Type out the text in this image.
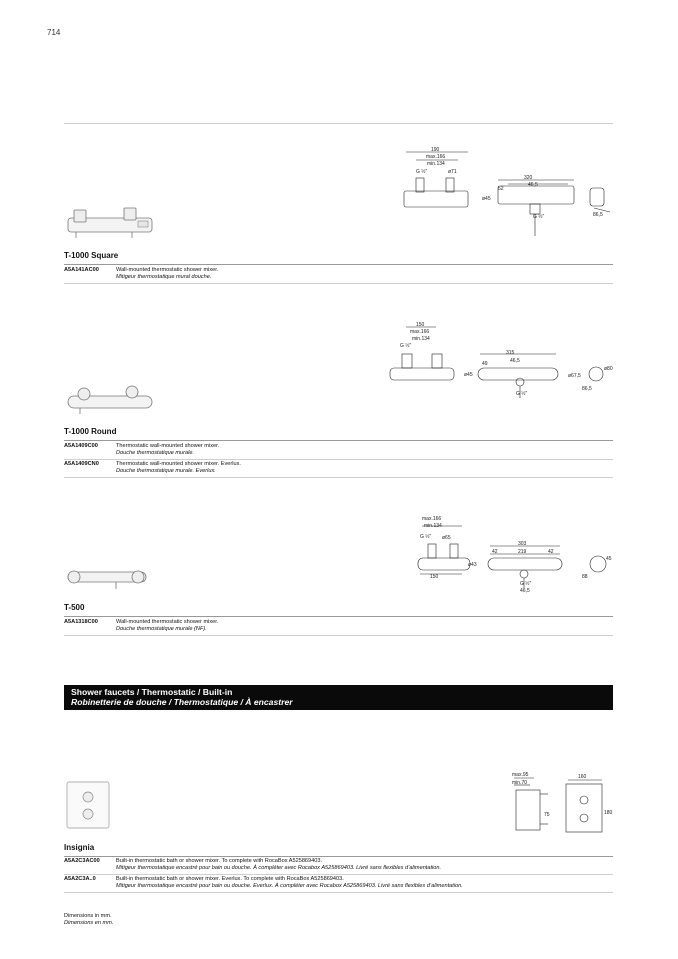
714
190
max.166
min.134
G ½"	ø71
320
52
46,5
ø45
G ½"	86,5
T-1000 Square
A5A141AC00	Wall-mounted thermostatic shower mixer.
Mitigeur thermostatique mural douche.
150
max.166
min.134
G ½"
315
46,5
49
ø45	ø67,5
86,5
G ½"
ø80
T-1000 Round
A5A1409C00	Thermostatic wall-mounted shower mixer.
Douche thermostatique murale.
A5A1409CN0	Thermostatic wall-mounted shower mixer. Everlux.
Douche thermostatique murale. Everlux.
max.166
min.134
G ½" ø65
ø43
150
303
42	219	42
G ½"
46,5
45
88
T-500
A5A1318C00	Wall-mounted thermostatic shower mixer.
Douche thermostatique murale (NF).
Shower faucets / Thermostatic / Built-in
Robinetterie de douche / Thermostatique / À encastrer
max.95
min.70
75
160
180
Insignia
A5A2C3AC00	Built-in thermostatic bath or shower mixer. To complete with RocaBox A525869403.
Mitigeur thermostatique encastré pour bain ou douche. À compléter avec Rocabox A525869403. Livré sans flexibles d’alimentation.
A5A2C3A..0	Built-in thermostatic bath or shower mixer. Everlux. To complete with RocaBox A525869403.
Mitigeur thermostatique encastré pour bain ou douche. Everlux. À compléter avec Rocabox A525869403. Livré sans flexibles d’alimentation.
Dimensions in mm.
Dimensions en mm.
